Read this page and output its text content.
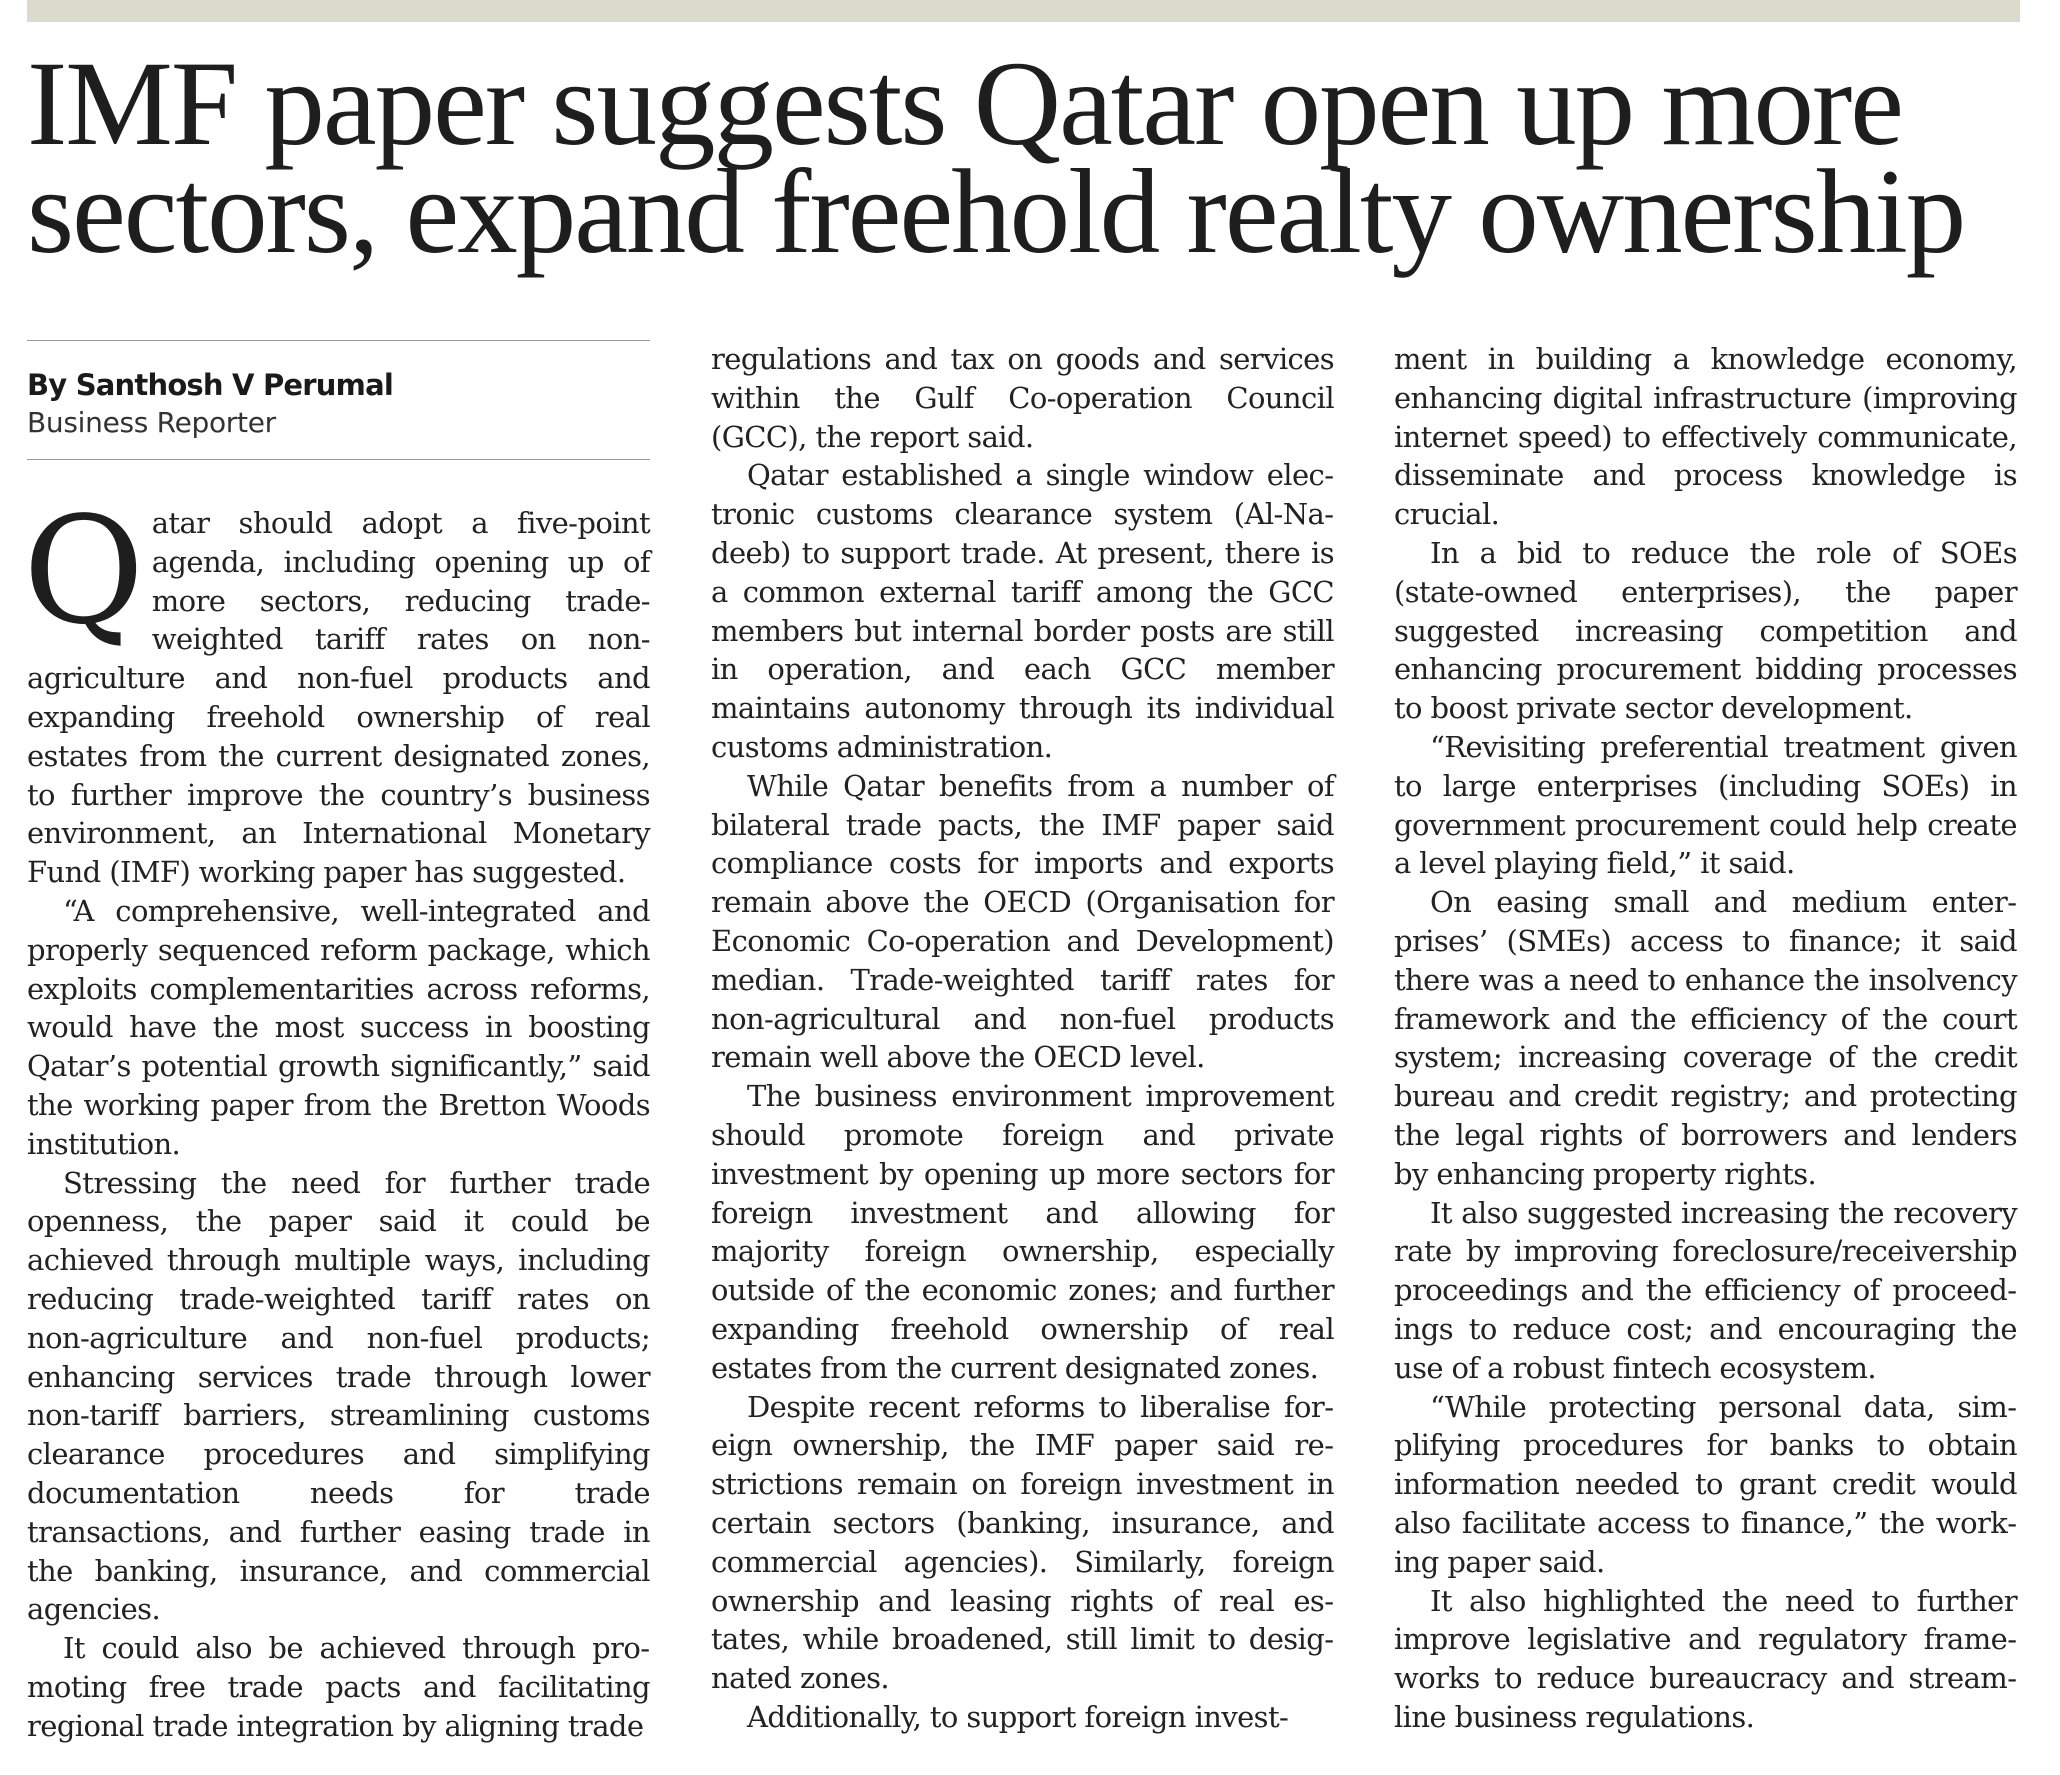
IMF paper suggests Qatar open up more sectors, expand freehold realty ownership
By Santhosh V Perumal
Business Reporter

Qatar should adopt a five-point agenda, including opening up of more sectors, reducing trade-weighted tariff rates on non-agriculture and non-fuel products and expanding freehold ownership of real estates from the current designated zones, to further improve the country’s business environment, an International Monetary Fund (IMF) working paper has suggested.

“A comprehensive, well-integrated and properly sequenced reform package, which exploits complementarities across reforms, would have the most success in boosting Qatar’s potential growth significantly,” said the working paper from the Bretton Woods institution.

Stressing the need for further trade openness, the paper said it could be achieved through multiple ways, including reducing trade-weighted tariff rates on non-agriculture and non-fuel products; enhancing services trade through lower non-tariff barriers, streamlining customs clearance procedures and simplifying documentation needs for trade transactions, and further easing trade in the banking, insurance, and commercial agencies.

It could also be achieved through promoting free trade pacts and facilitating regional trade integration by aligning trade

regulations and tax on goods and services within the Gulf Co-operation Council (GCC), the report said.

Qatar established a single window electronic customs clearance system (Al-Nadeeb) to support trade. At present, there is a common external tariff among the GCC members but internal border posts are still in operation, and each GCC member maintains autonomy through its individual customs administration.

While Qatar benefits from a number of bilateral trade pacts, the IMF paper said compliance costs for imports and exports remain above the OECD (Organisation for Economic Co-operation and Development) median. Trade-weighted tariff rates for non-agricultural and non-fuel products remain well above the OECD level.

The business environment improvement should promote foreign and private investment by opening up more sectors for foreign investment and allowing for majority foreign ownership, especially outside of the economic zones; and further expanding freehold ownership of real estates from the current designated zones.

Despite recent reforms to liberalise foreign ownership, the IMF paper said restrictions remain on foreign investment in certain sectors (banking, insurance, and commercial agencies). Similarly, foreign ownership and leasing rights of real estates, while broadened, still limit to designated zones.

Additionally, to support foreign invest-

ment in building a knowledge economy, enhancing digital infrastructure (improving internet speed) to effectively communicate, disseminate and process knowledge is crucial.

In a bid to reduce the role of SOEs (state-owned enterprises), the paper suggested increasing competition and enhancing procurement bidding processes to boost private sector development.

“Revisiting preferential treatment given to large enterprises (including SOEs) in government procurement could help create a level playing field,” it said.

On easing small and medium enterprises’ (SMEs) access to finance; it said there was a need to enhance the insolvency framework and the efficiency of the court system; increasing coverage of the credit bureau and credit registry; and protecting the legal rights of borrowers and lenders by enhancing property rights.

It also suggested increasing the recovery rate by improving foreclosure/receivership proceedings and the efficiency of proceedings to reduce cost; and encouraging the use of a robust fintech ecosystem.

“While protecting personal data, simplifying procedures for banks to obtain information needed to grant credit would also facilitate access to finance,” the working paper said.

It also highlighted the need to further improve legislative and regulatory frameworks to reduce bureaucracy and streamline business regulations.
